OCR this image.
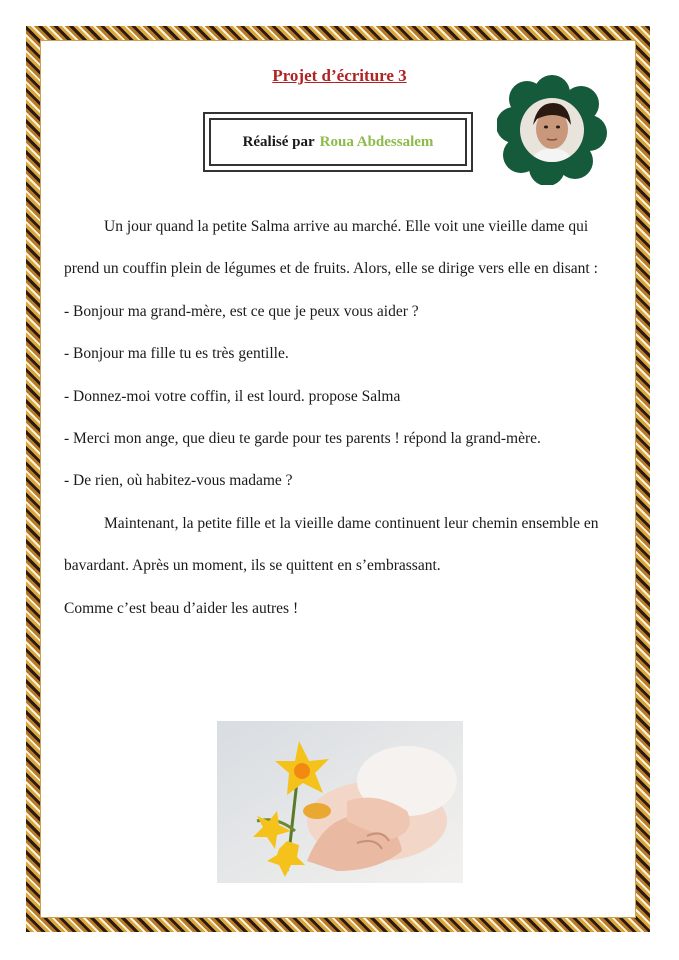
Projet d’écriture 3
Réalisé par Roua Abdessalem

Un jour quand la petite Salma arrive au marché. Elle voit une vieille dame qui prend un couffin plein de légumes et de fruits. Alors, elle se dirige vers elle en disant :

- Bonjour ma grand-mère, est ce que je peux vous aider ?

- Bonjour ma fille tu es très gentille.

- Donnez-moi votre coffin, il est lourd. propose Salma

- Merci mon ange, que dieu te garde pour tes parents ! répond la grand-mère.

- De rien, où habitez-vous madame ?

Maintenant, la petite fille et la vieille dame continuent leur chemin ensemble en bavardant. Après un moment, ils se quittent en s’embrassant.

Comme c’est beau d’aider les autres !
